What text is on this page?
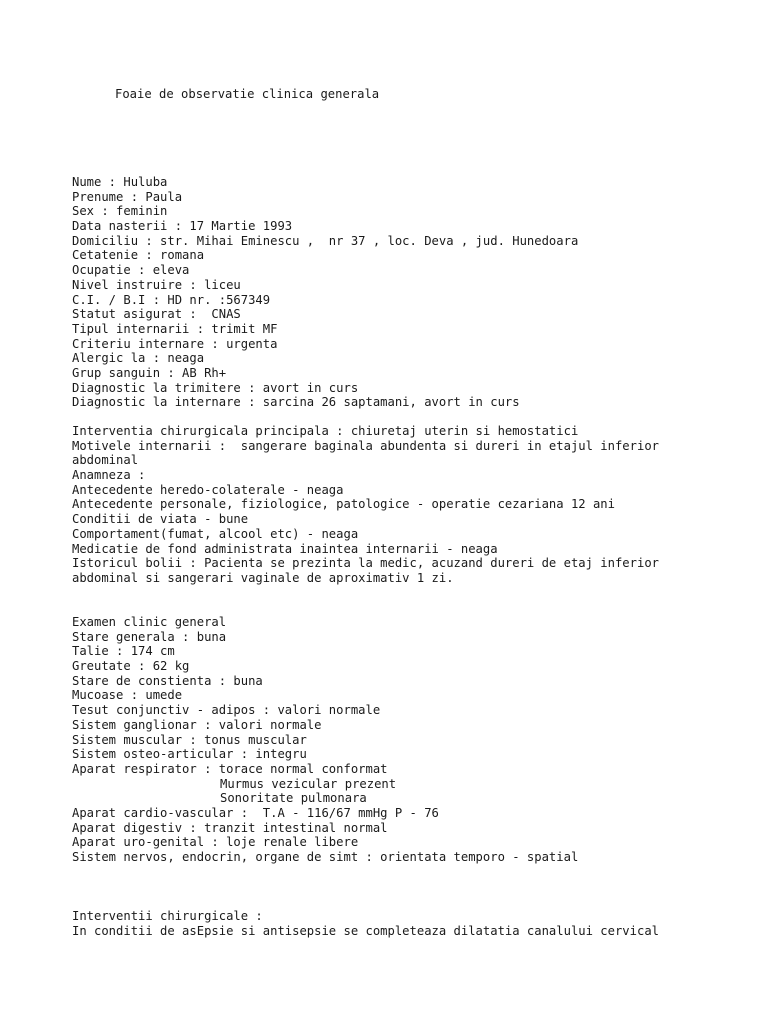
Foaie de observatie clinica generala
Nume : Huluba
Prenume : Paula
Sex : feminin
Data nasterii : 17 Martie 1993
Domiciliu : str. Mihai Eminescu ,  nr 37 , loc. Deva , jud. Hunedoara
Cetatenie : romana
Ocupatie : eleva
Nivel instruire : liceu
C.I. / B.I : HD nr. :567349
Statut asigurat :  CNAS
Tipul internarii : trimit MF
Criteriu internare : urgenta
Alergic la : neaga
Grup sanguin : AB Rh+
Diagnostic la trimitere : avort in curs
Diagnostic la internare : sarcina 26 saptamani, avort in curs
Interventia chirurgicala principala : chiuretaj uterin si hemostatici
Motivele internarii :  sangerare baginala abundenta si dureri in etajul inferior
abdominal
Anamneza :
Antecedente heredo-colaterale - neaga
Antecedente personale, fiziologice, patologice - operatie cezariana 12 ani
Conditii de viata - bune
Comportament(fumat, alcool etc) - neaga
Medicatie de fond administrata inaintea internarii - neaga
Istoricul bolii : Pacienta se prezinta la medic, acuzand dureri de etaj inferior
abdominal si sangerari vaginale de aproximativ 1 zi.
Examen clinic general
Stare generala : buna
Talie : 174 cm
Greutate : 62 kg
Stare de constienta : buna
Mucoase : umede
Tesut conjunctiv - adipos : valori normale
Sistem ganglionar : valori normale
Sistem muscular : tonus muscular
Sistem osteo-articular : integru
Aparat respirator : torace normal conformat
Murmus vezicular prezent
Sonoritate pulmonara
Aparat cardio-vascular :  T.A - 116/67 mmHg P - 76
Aparat digestiv : tranzit intestinal normal
Aparat uro-genital : loje renale libere
Sistem nervos, endocrin, organe de simt : orientata temporo - spatial
Interventii chirurgicale :
In conditii de asEpsie si antisepsie se completeaza dilatatia canalului cervical
